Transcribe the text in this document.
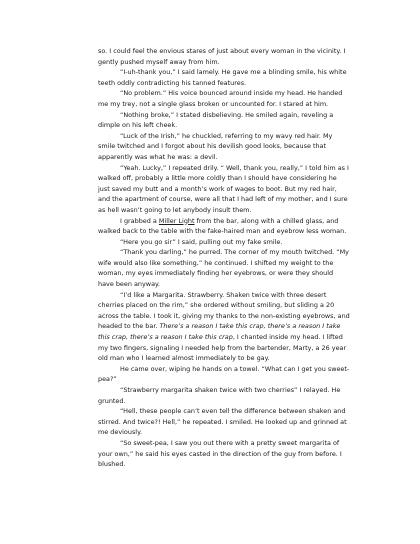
so. I could feel the envious stares of just about every woman in the vicinity. I gently pushed myself away from him.

“I-uh-thank you,” I said lamely. He gave me a blinding smile, his white teeth oddly contradicting his tanned features.

“No problem.” His voice bounced around inside my head. He handed me my trey, not a single glass broken or uncounted for. I stared at him.

“Nothing broke,” I stated disbelieving. He smiled again, reveling a dimple on his left cheek.

“Luck of the Irish,” he chuckled, referring to my wavy red hair. My smile twitched and I forgot about his devilish good looks, because that apparently was what he was: a devil.

“Yeah. Lucky,” I repeated drily. “ Well, thank you, really,” I told him as I walked off, probably a little more coldly than I should have considering he just saved my butt and a month’s work of wages to boot. But my red hair, and the apartment of course, were all that I had left of my mother, and I sure as hell wasn’t going to let anybody insult them.

I grabbed a Miller Light from the bar, along with a chilled glass, and walked back to the table with the fake-haired man and eyebrow less woman.

“Here you go sir” I said, pulling out my fake smile.

“Thank you darling,” he purred. The corner of my mouth twitched. “My wife would also like something,” he continued. I shifted my weight to the woman, my eyes immediately finding her eyebrows, or were they should have been anyway.

“I’d like a Margarita. Strawberry. Shaken twice with three desert cherries placed on the rim,” she ordered without smiling, but sliding a 20 across the table. I took it, giving my thanks to the non-existing eyebrows, and headed to the bar. There’s a reason I take this crap, there’s a reason I take this crap, there’s a reason I take this crap, I chanted inside my head. I lifted my two fingers, signaling I needed help from the bartender, Marty, a 26 year old man who I learned almost immediately to be gay.

He came over, wiping he hands on a towel. “What can I get you sweet-pea?”

“Strawberry margarita shaken twice with two cherries” I relayed. He grunted.

“Hell, these people can’t even tell the difference between shaken and stirred. And twice?! Hell,” he repeated. I smiled. He looked up and grinned at me deviously.

“So sweet-pea, I saw you out there with a pretty sweet margarita of your own,” he said his eyes casted in the direction of the guy from before. I blushed.
